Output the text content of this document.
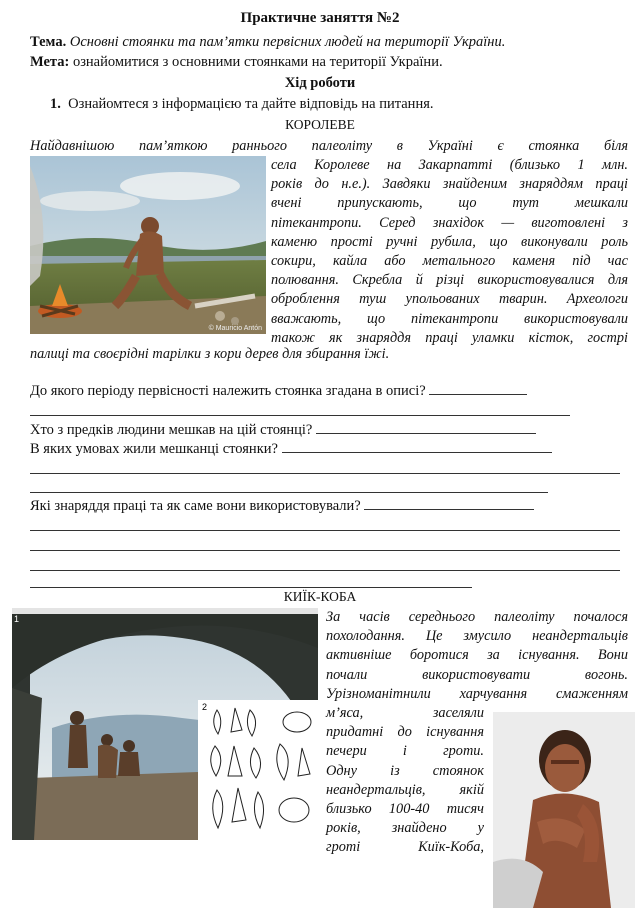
Практичне заняття №2
Тема. Основні стоянки та пам’ятки первісних людей на території України.
Мета: ознайомитися з основними стоянками на території України.
Хід роботи
1. Ознайомтеся з інформацією та дайте відповідь на питання.
КОРОЛЕВЕ
Найдавнішою пам’яткою раннього палеоліту в Україні є стоянка біля
© Mauricio Antón
села Королеве на Закарпатті (близько 1 млн.
років до н.е.). Завдяки знайденим знаряддям праці
вчені припускають, що тут мешкали
пітекантропи. Серед знахідок — виготовлені з
каменю прості ручні рубила, що виконували роль
сокири, кайла або метального каменя під час
полювання. Скребла й різці використовувалися для
оброблення туш упольованих тварин. Археологи
вважають, що пітекантропи використовували
також як знаряддя праці уламки кісток, гострі
палиці та своєрідні тарілки з кори дерев для збирання їжі.
До якого періоду первісності належить стоянка згадана в описі?
Хто з предків людини мешкав на цій стоянці?
В яких умовах жили мешканці стоянки?
Які знаряддя праці та як саме вони використовували?
КИЇК-КОБА
1
2
За часів середнього палеоліту почалося
похолодання. Це змусило неандертальців
активніше боротися за існування. Вони
почали використовувати вогонь.
Урізноманітнили харчування смаженням
м’яса, заселяли
придатні до існування
печери і гроти.
Одну із стоянок
неандертальців, якій
близько 100-40 тисяч
років, знайдено у
гроті Киїк-Коба,
